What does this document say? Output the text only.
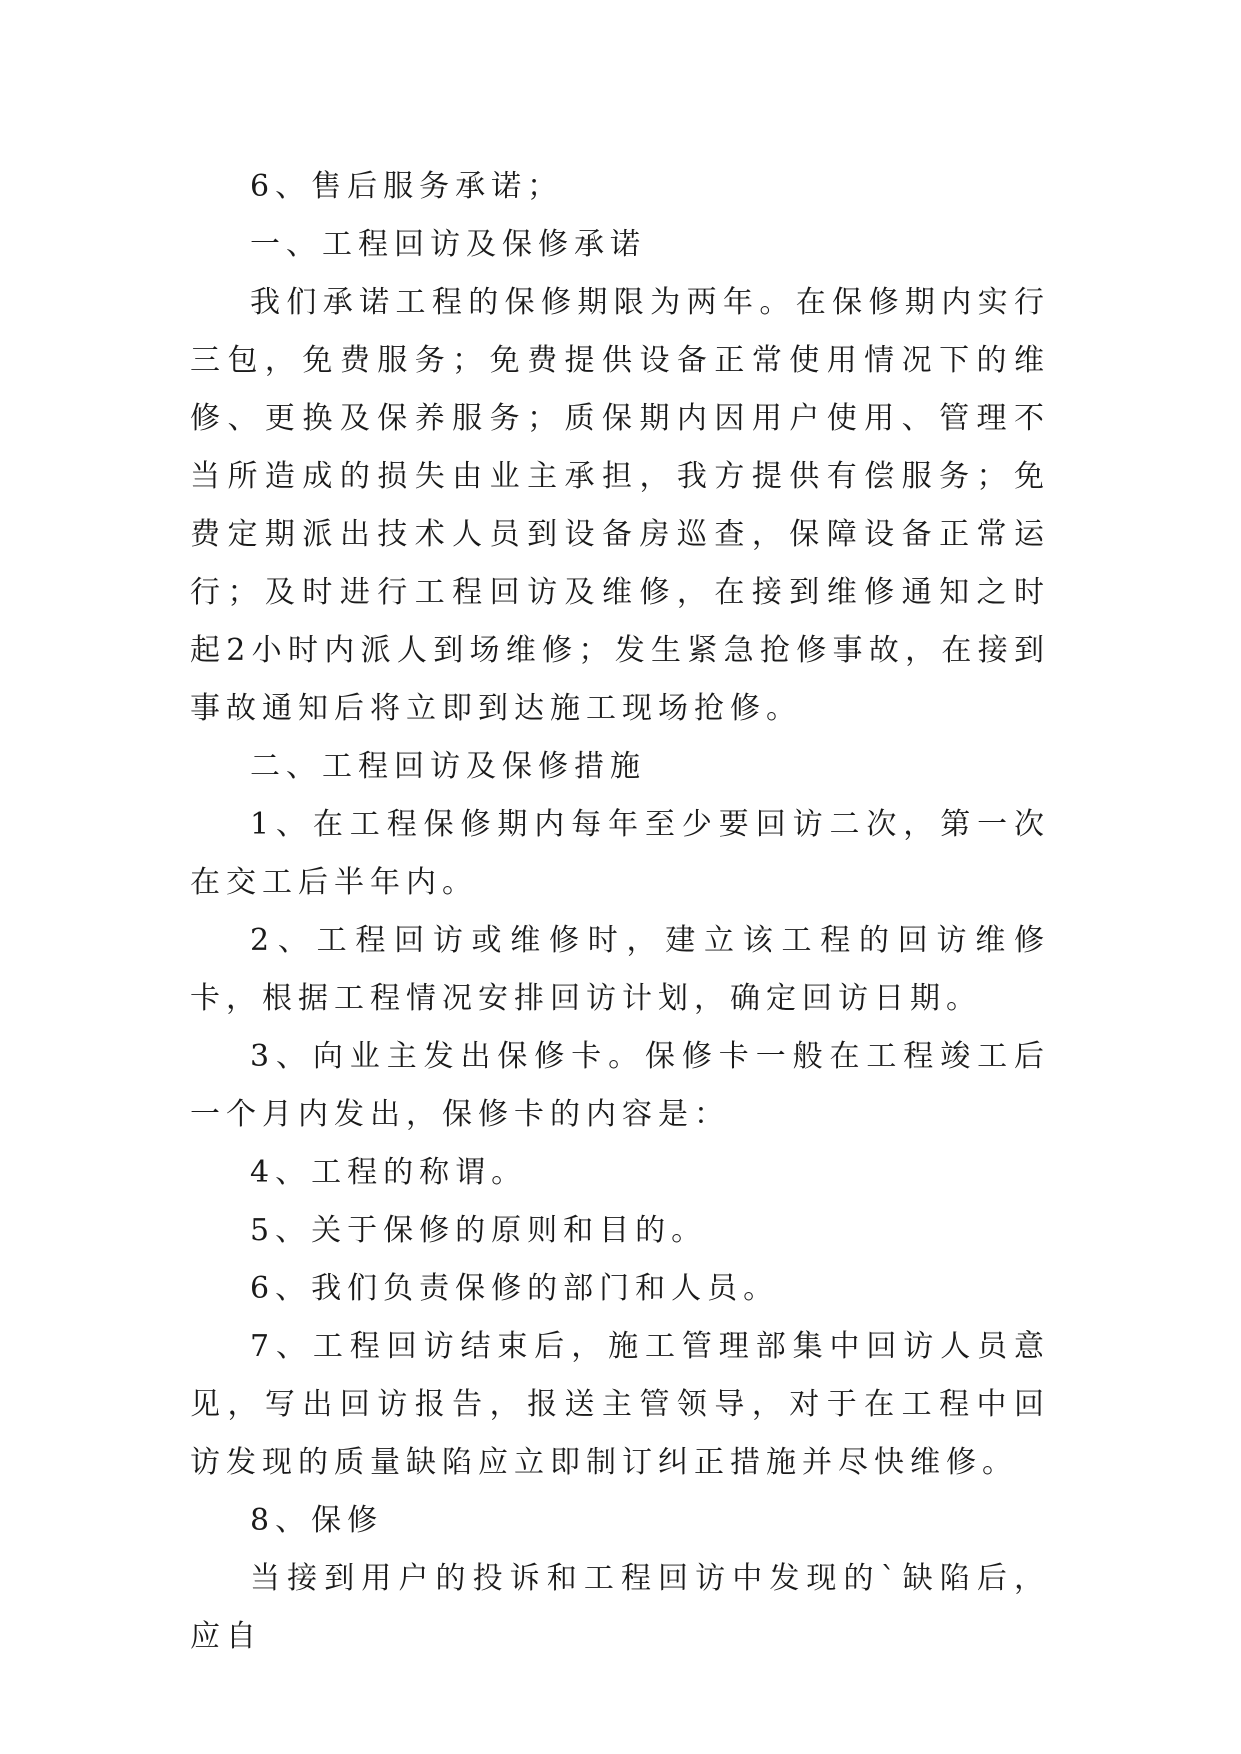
6、售后服务承诺；

一、工程回访及保修承诺

我们承诺工程的保修期限为两年。在保修期内实行三包，免费服务；免费提供设备正常使用情况下的维修、更换及保养服务；质保期内因用户使用、管理不当所造成的损失由业主承担，我方提供有偿服务；免费定期派出技术人员到设备房巡查，保障设备正常运行；及时进行工程回访及维修，在接到维修通知之时起2小时内派人到场维修；发生紧急抢修事故，在接到事故通知后将立即到达施工现场抢修。

二、工程回访及保修措施

1、在工程保修期内每年至少要回访二次，第一次在交工后半年内。

2、工程回访或维修时，建立该工程的回访维修卡，根据工程情况安排回访计划，确定回访日期。

3、向业主发出保修卡。保修卡一般在工程竣工后一个月内发出，保修卡的内容是：

4、工程的称谓。

5、关于保修的原则和目的。

6、我们负责保修的部门和人员。

7、工程回访结束后，施工管理部集中回访人员意见，写出回访报告，报送主管领导，对于在工程中回访发现的质量缺陷应立即制订纠正措施并尽快维修。

8、保修

当接到用户的投诉和工程回访中发现的`缺陷后，应自
